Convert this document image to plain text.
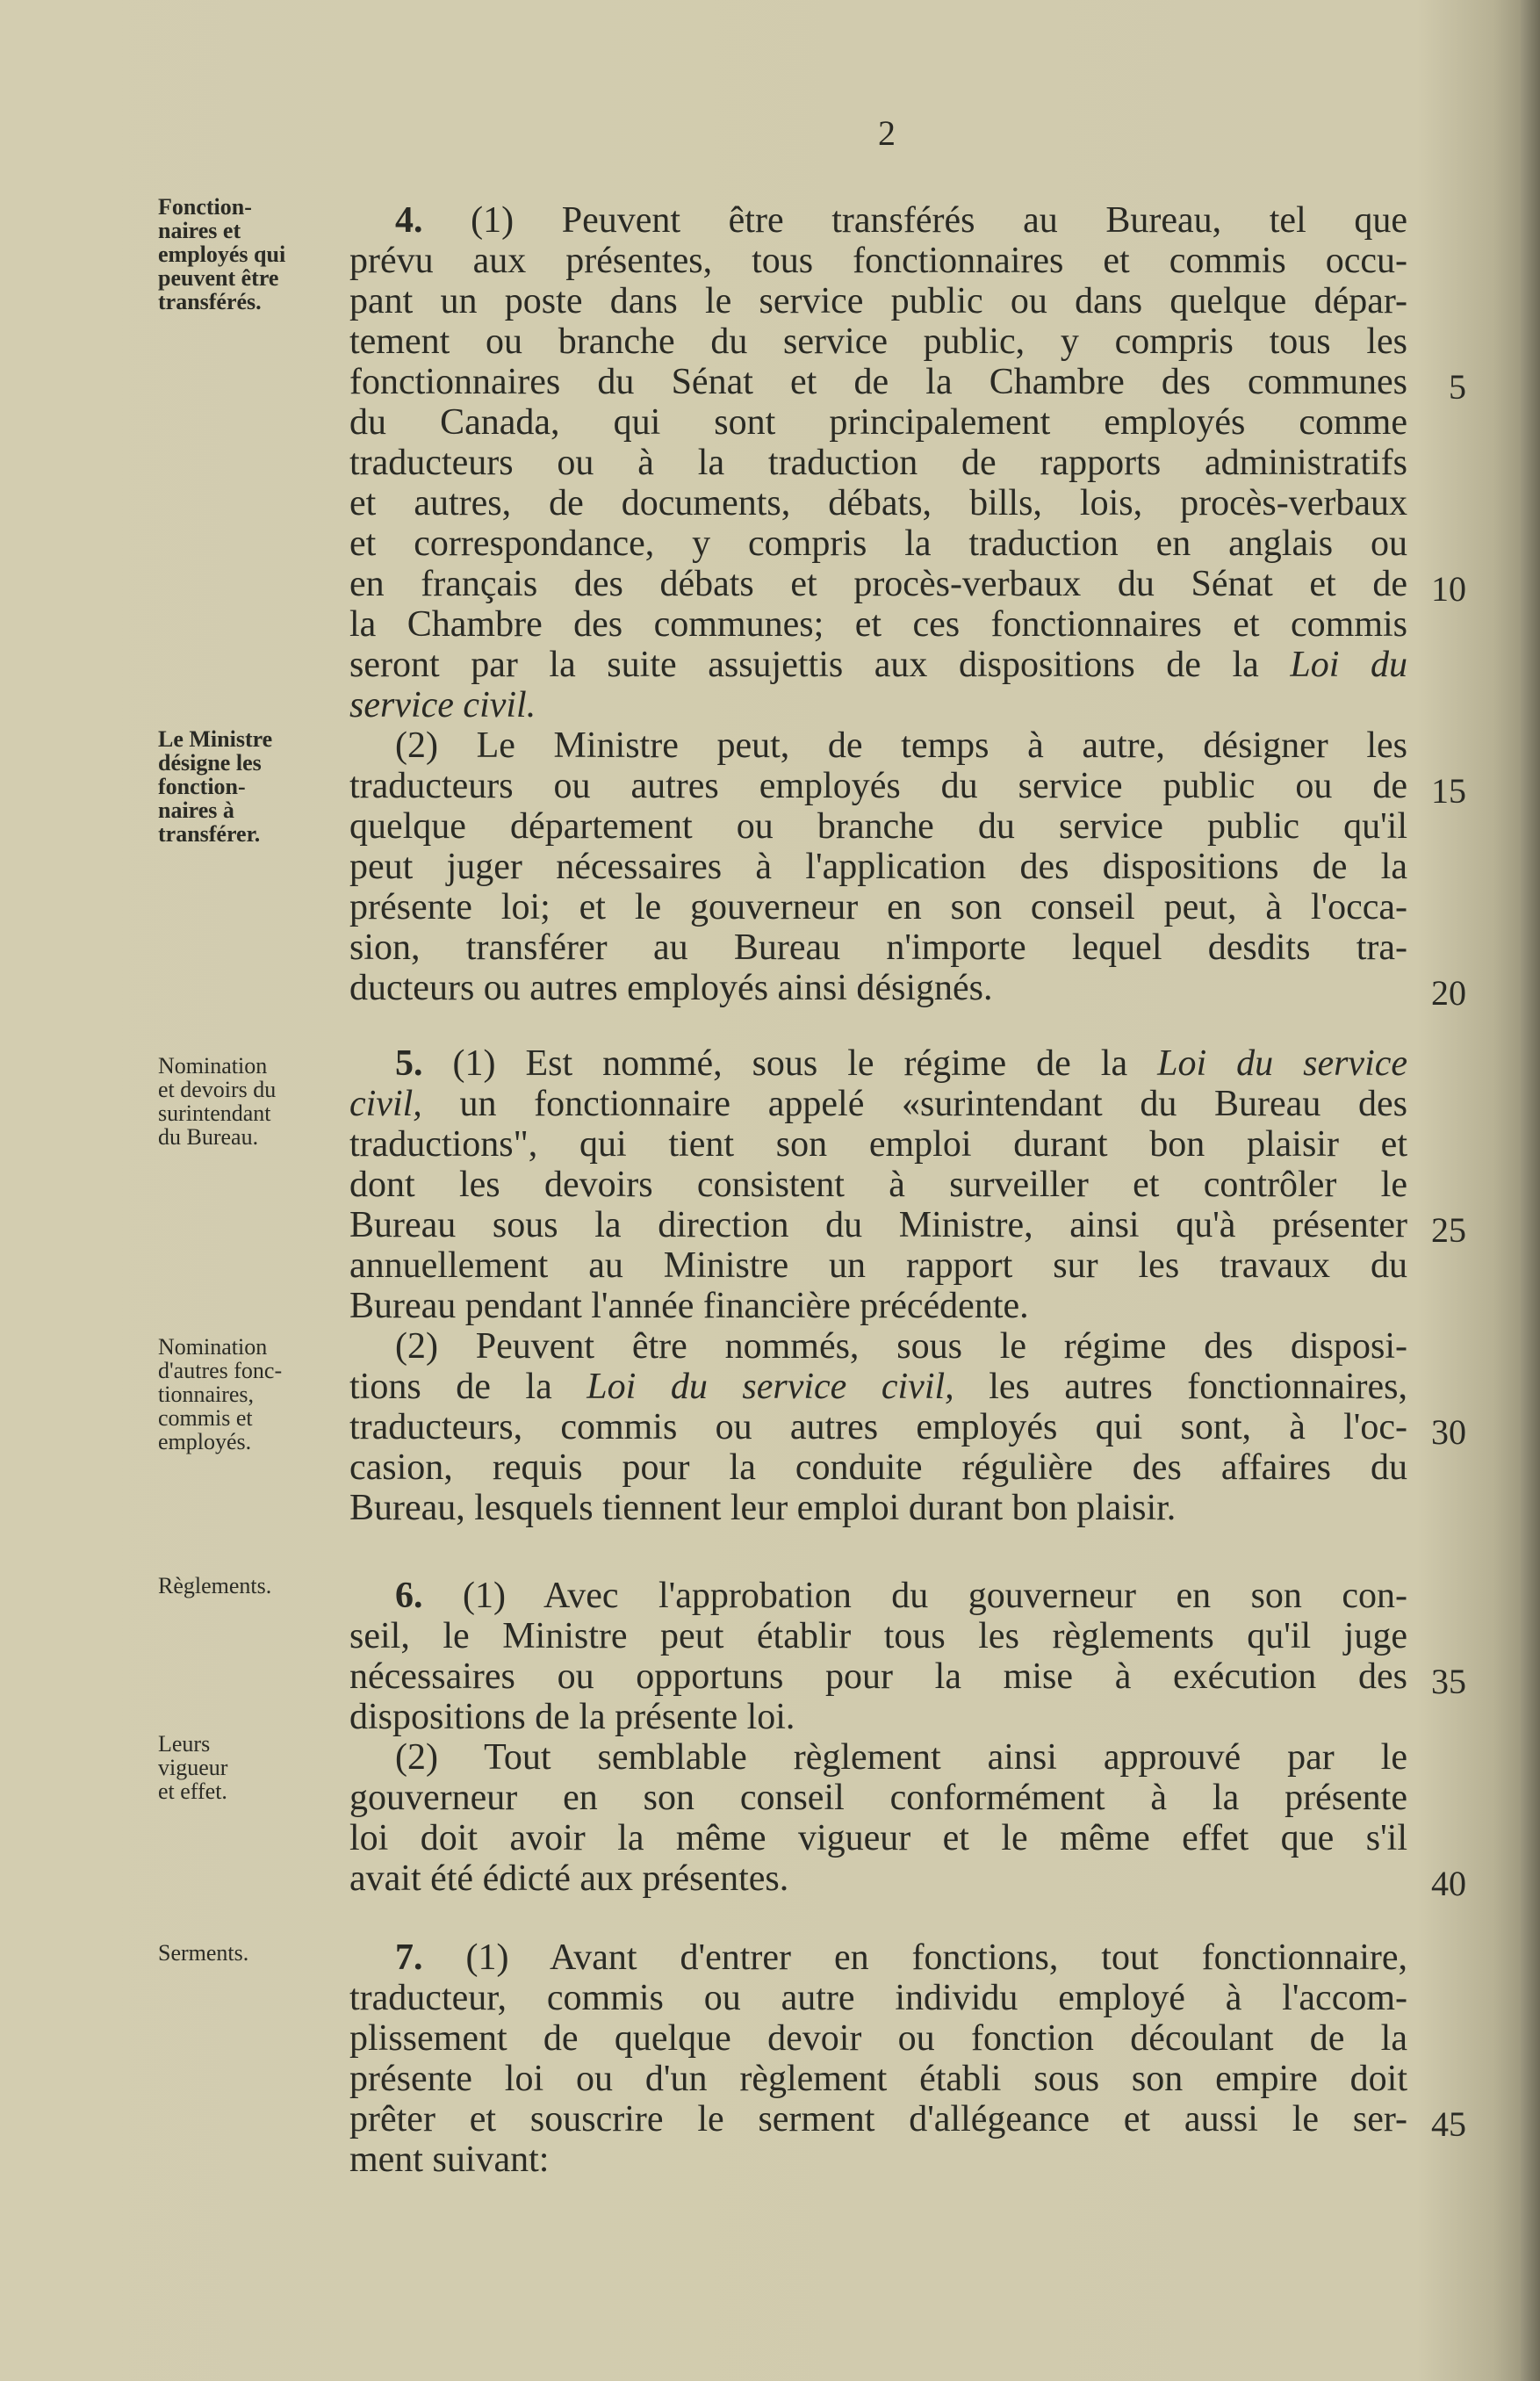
2
Fonction-
naires et
employés qui
peuvent être
transférés.
Le Ministre
désigne les
fonction-
naires à
transférer.
Nomination
et devoirs du
surintendant
du Bureau.
Nomination
d'autres fonc-
tionnaires,
commis et
employés.
Règlements.
Leurs
vigueur
et effet.
Serments.
4. (1) Peuvent être transférés au Bureau, tel que
prévu aux présentes, tous fonctionnaires et commis occu-
pant un poste dans le service public ou dans quelque dépar-
tement ou branche du service public, y compris tous les
fonctionnaires du Sénat et de la Chambre des communes
du Canada, qui sont principalement employés comme
traducteurs ou à la traduction de rapports administratifs
et autres, de documents, débats, bills, lois, procès-verbaux
et correspondance, y compris la traduction en anglais ou
en français des débats et procès-verbaux du Sénat et de
la Chambre des communes; et ces fonctionnaires et commis
seront par la suite assujettis aux dispositions de la Loi du
service civil.
(2) Le Ministre peut, de temps à autre, désigner les
traducteurs ou autres employés du service public ou de
quelque département ou branche du service public qu'il
peut juger nécessaires à l'application des dispositions de la
présente loi; et le gouverneur en son conseil peut, à l'occa-
sion, transférer au Bureau n'importe lequel desdits tra-
ducteurs ou autres employés ainsi désignés.
5. (1) Est nommé, sous le régime de la Loi du service
civil, un fonctionnaire appelé «surintendant du Bureau des
traductions", qui tient son emploi durant bon plaisir et
dont les devoirs consistent à surveiller et contrôler le
Bureau sous la direction du Ministre, ainsi qu'à présenter
annuellement au Ministre un rapport sur les travaux du
Bureau pendant l'année financière précédente.
(2) Peuvent être nommés, sous le régime des disposi-
tions de la Loi du service civil, les autres fonctionnaires,
traducteurs, commis ou autres employés qui sont, à l'oc-
casion, requis pour la conduite régulière des affaires du
Bureau, lesquels tiennent leur emploi durant bon plaisir.
6. (1) Avec l'approbation du gouverneur en son con-
seil, le Ministre peut établir tous les règlements qu'il juge
nécessaires ou opportuns pour la mise à exécution des
dispositions de la présente loi.
(2) Tout semblable règlement ainsi approuvé par le
gouverneur en son conseil conformément à la présente
loi doit avoir la même vigueur et le même effet que s'il
avait été édicté aux présentes.
7. (1) Avant d'entrer en fonctions, tout fonctionnaire,
traducteur, commis ou autre individu employé à l'accom-
plissement de quelque devoir ou fonction découlant de la
présente loi ou d'un règlement établi sous son empire doit
prêter et souscrire le serment d'allégeance et aussi le ser-
ment suivant:
5
10
15
20
25
30
35
40
45
